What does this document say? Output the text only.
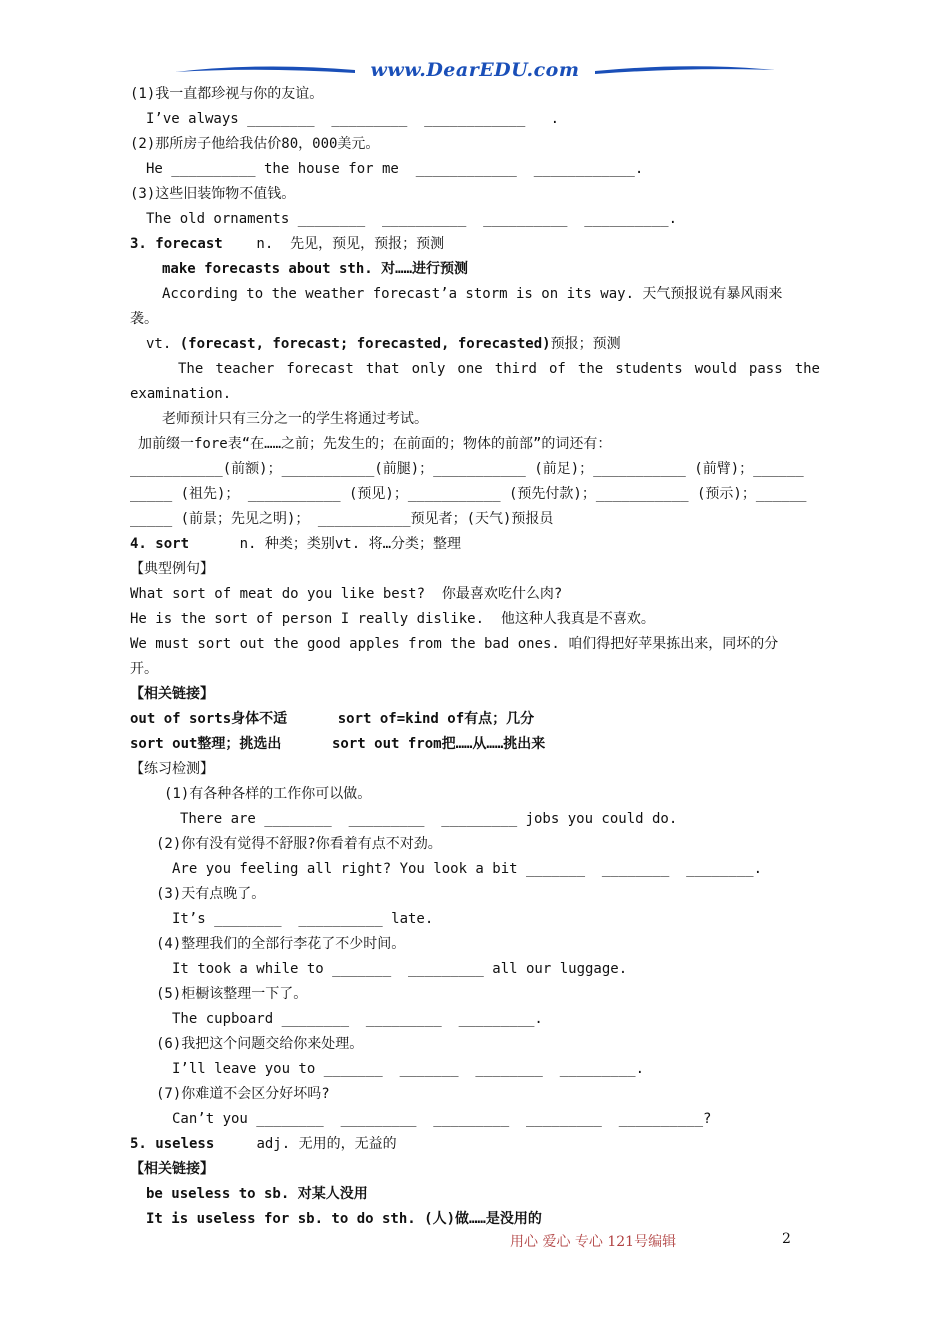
www.DearEDU.com
(1)我一直都珍视与你的友谊。
I’ve always ________  _________  ____________   .
(2)那所房子他给我估价80，000美元。
He __________ the house for me  ____________  ____________.
(3)这些旧装饰物不值钱。
The old ornaments ________  __________  __________  __________.
3. forecast    n.  先见，预见，预报；预测
make forecasts about sth. 对……进行预测
According to the weather forecast’a storm is on its way. 天气预报说有暴风雨来
袭。
vt. (forecast, forecast; forecasted, forecasted)预报；预测
The teacher forecast that only one third of the students would pass the
examination.
老师预计只有三分之一的学生将通过考试。
加前缀一fore表“在……之前；先发生的；在前面的；物体的前部”的词还有：
___________(前额)；___________(前腿)；___________ (前足)；___________ (前臂)；______
_____ (祖先)； ___________ (预见)；___________ (预先付款)；___________ (预示)；______
_____ (前景；先见之明)； ___________预见者；(天气)预报员
4. sort      n. 种类；类别vt. 将…分类；整理
【典型例句】
What sort of meat do you like best?  你最喜欢吃什么肉?
He is the sort of person I really dislike.  他这种人我真是不喜欢。
We must sort out the good apples from the bad ones. 咱们得把好苹果拣出来，同坏的分
开。
【相关链接】
out of sorts身体不适      sort of=kind of有点；几分
sort out整理；挑选出      sort out from把……从……挑出来
【练习检测】
(1)有各种各样的工作你可以做。
There are ________  _________  _________ jobs you could do.
(2)你有没有觉得不舒服?你看着有点不对劲。
Are you feeling all right? You look a bit _______  ________  ________.
(3)天有点晚了。
It’s ________  __________ late.
(4)整理我们的全部行李花了不少时间。
It took a while to _______  _________ all our luggage.
(5)柜橱该整理一下了。
The cupboard ________  _________  _________.
(6)我把这个问题交给你来处理。
I’ll leave you to _______  _______  ________  _________.
(7)你难道不会区分好坏吗?
Can’t you ________  _________  _________  _________  __________?
5. useless     adj. 无用的，无益的
【相关链接】
be useless to sb. 对某人没用
It is useless for sb. to do sth. (人)做……是没用的
用心 爱心 专心 121号编辑	2
